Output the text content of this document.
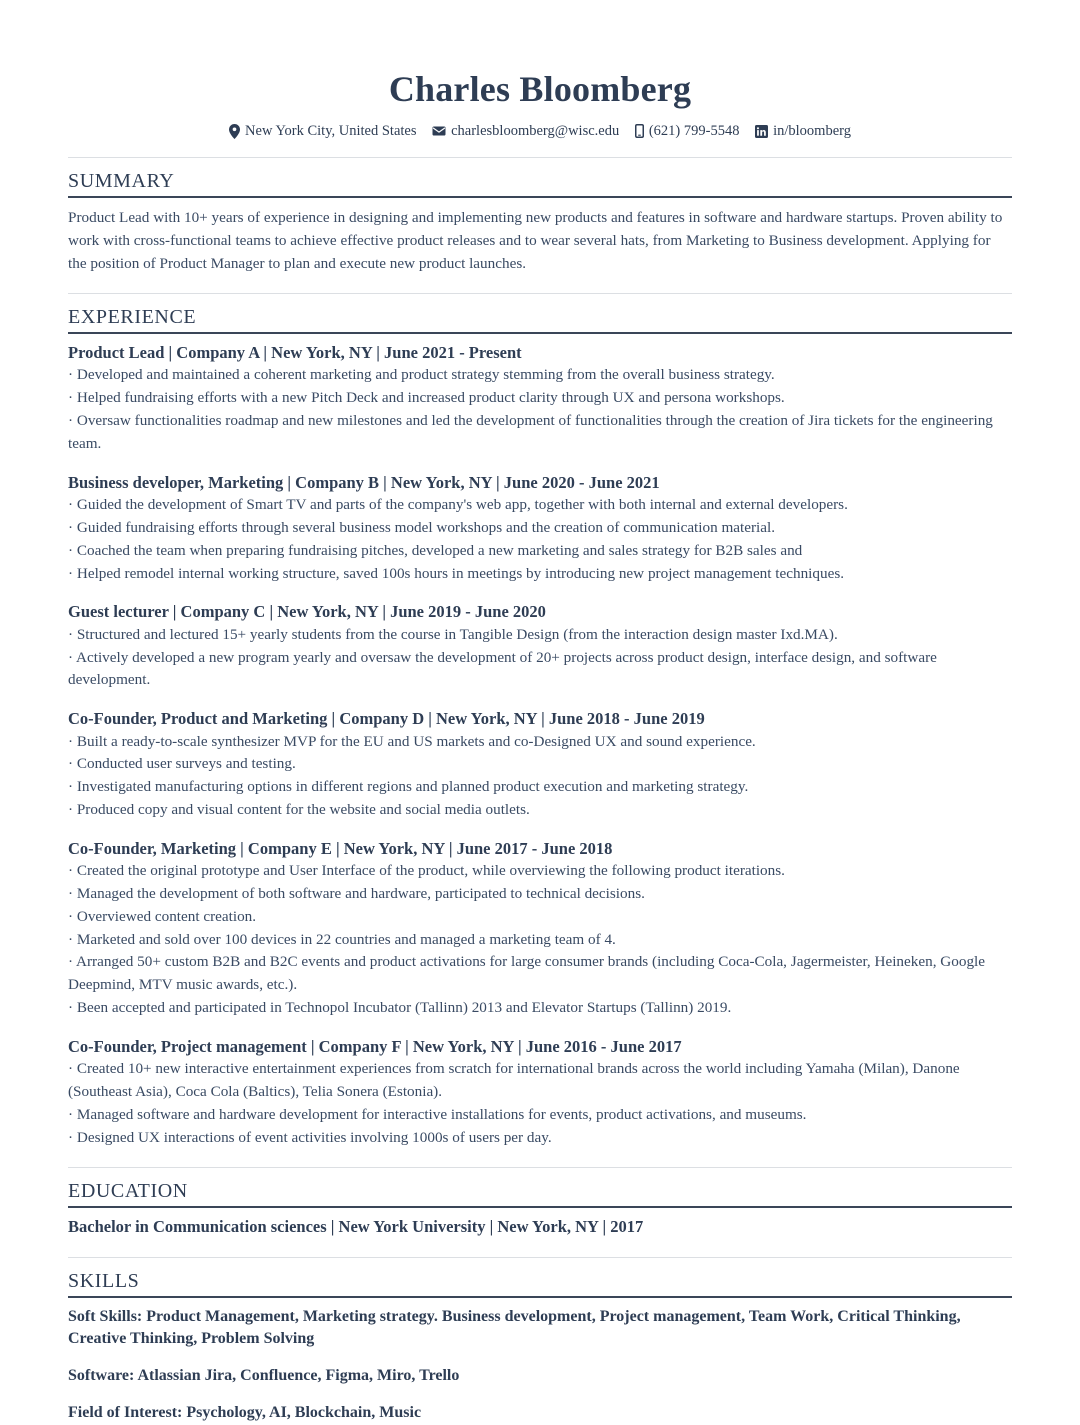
Charles Bloomberg
New York City, United States
charlesbloomberg@wisc.edu
(621) 799-5548
in/bloomberg
SUMMARY

Product Lead with 10+ years of experience in designing and implementing new products and features in software and hardware startups. Proven ability to work with cross-functional teams to achieve effective product releases and to wear several hats, from Marketing to Business development. Applying for the position of Product Manager to plan and execute new product launches.

EXPERIENCE
Product Lead | Company A | New York, NY | June 2021 - Present

· Developed and maintained a coherent marketing and product strategy stemming from the overall business strategy.

· Helped fundraising efforts with a new Pitch Deck and increased product clarity through UX and persona workshops.

· Oversaw functionalities roadmap and new milestones and led the development of functionalities through the creation of Jira tickets for the engineering team.

Business developer, Marketing | Company B | New York, NY | June 2020 - June 2021

· Guided the development of Smart TV and parts of the company's web app, together with both internal and external developers.

· Guided fundraising efforts through several business model workshops and the creation of communication material.

· Coached the team when preparing fundraising pitches, developed a new marketing and sales strategy for B2B sales and

· Helped remodel internal working structure, saved 100s hours in meetings by introducing new project management techniques.

Guest lecturer | Company C | New York, NY | June 2019 - June 2020

· Structured and lectured 15+ yearly students from the course in Tangible Design (from the interaction design master Ixd.MA).

· Actively developed a new program yearly and oversaw the development of 20+ projects across product design, interface design, and software development.

Co-Founder, Product and Marketing | Company D | New York, NY | June 2018 - June 2019

· Built a ready-to-scale synthesizer MVP for the EU and US markets and co-Designed UX and sound experience.

· Conducted user surveys and testing.

· Investigated manufacturing options in different regions and planned product execution and marketing strategy.

· Produced copy and visual content for the website and social media outlets.

Co-Founder, Marketing | Company E | New York, NY | June 2017 - June 2018

· Created the original prototype and User Interface of the product, while overviewing the following product iterations.

· Managed the development of both software and hardware, participated to technical decisions.

· Overviewed content creation.

· Marketed and sold over 100 devices in 22 countries and managed a marketing team of 4.

· Arranged 50+ custom B2B and B2C events and product activations for large consumer brands (including Coca-Cola, Jagermeister, Heineken, Google Deepmind, MTV music awards, etc.).

· Been accepted and participated in Technopol Incubator (Tallinn) 2013 and Elevator Startups (Tallinn) 2019.

Co-Founder, Project management | Company F | New York, NY | June 2016 - June 2017

· Created 10+ new interactive entertainment experiences from scratch for international brands across the world including Yamaha (Milan), Danone (Southeast Asia), Coca Cola (Baltics), Telia Sonera (Estonia).

· Managed software and hardware development for interactive installations for events, product activations, and museums.

· Designed UX interactions of event activities involving 1000s of users per day.

EDUCATION

Bachelor in Communication sciences | New York University | New York, NY | 2017

SKILLS

Soft Skills: Product Management, Marketing strategy. Business development, Project management, Team Work, Critical Thinking, Creative Thinking, Problem Solving

Software: Atlassian Jira, Confluence, Figma, Miro, Trello

Field of Interest: Psychology, AI, Blockchain, Music
